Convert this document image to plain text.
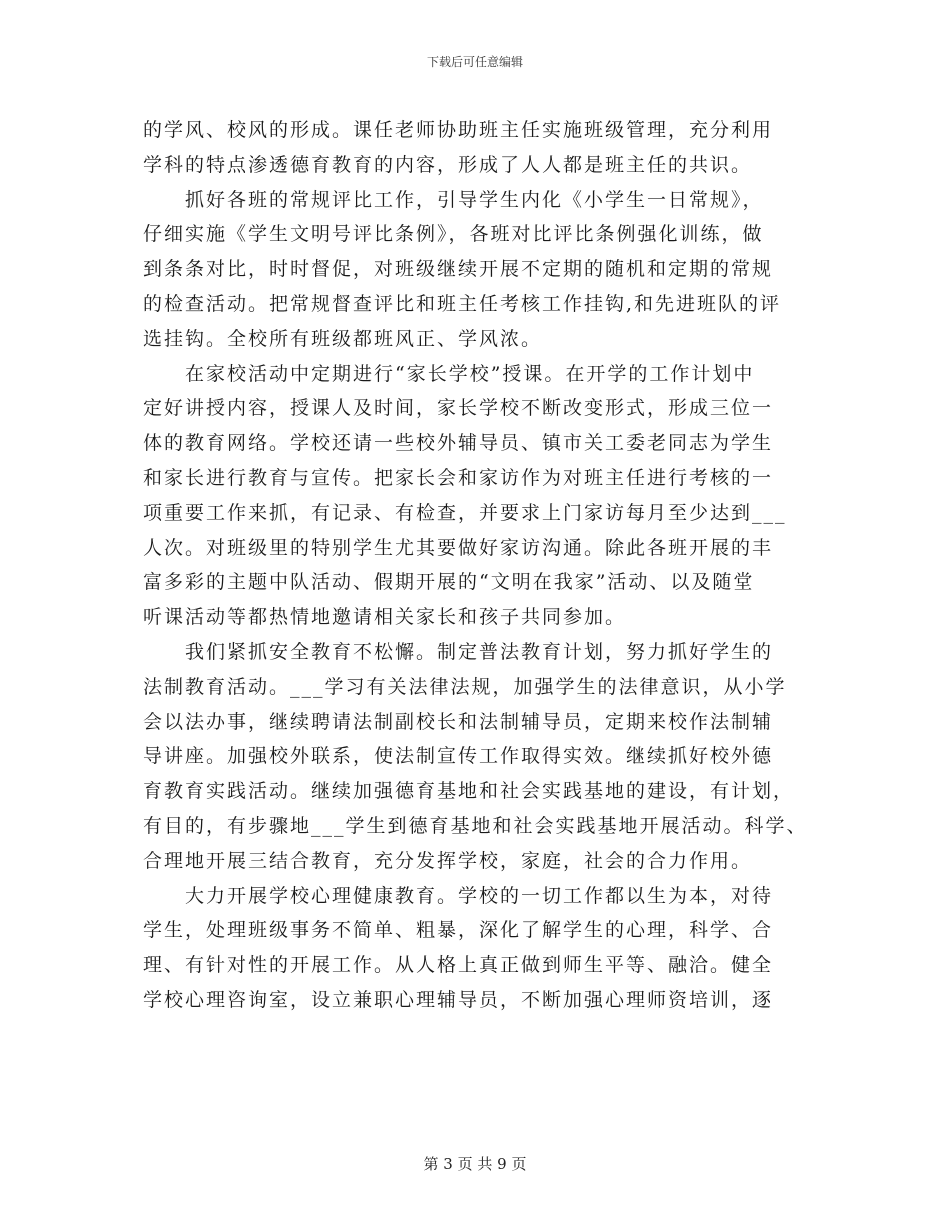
下载后可任意编辑
的学风、校风的形成。课任老师协助班主任实施班级管理，充分利用
学科的特点渗透德育教育的内容，形成了人人都是班主任的共识。
　　抓好各班的常规评比工作，引导学生内化《小学生一日常规》，
仔细实施《学生文明号评比条例》，各班对比评比条例强化训练，做
到条条对比，时时督促，对班级继续开展不定期的随机和定期的常规
的检查活动。把常规督查评比和班主任考核工作挂钩,和先进班队的评
选挂钩。全校所有班级都班风正、学风浓。
　　在家校活动中定期进行“家长学校”授课。在开学的工作计划中
定好讲授内容，授课人及时间，家长学校不断改变形式，形成三位一
体的教育网络。学校还请一些校外辅导员、镇市关工委老同志为学生
和家长进行教育与宣传。把家长会和家访作为对班主任进行考核的一
项重要工作来抓，有记录、有检查，并要求上门家访每月至少达到___
人次。对班级里的特别学生尤其要做好家访沟通。除此各班开展的丰
富多彩的主题中队活动、假期开展的“文明在我家”活动、以及随堂
听课活动等都热情地邀请相关家长和孩子共同参加。
　　我们紧抓安全教育不松懈。制定普法教育计划，努力抓好学生的
法制教育活动。___学习有关法律法规，加强学生的法律意识，从小学
会以法办事，继续聘请法制副校长和法制辅导员，定期来校作法制辅
导讲座。加强校外联系，使法制宣传工作取得实效。继续抓好校外德
育教育实践活动。继续加强德育基地和社会实践基地的建设，有计划，
有目的，有步骤地___学生到德育基地和社会实践基地开展活动。科学、
合理地开展三结合教育，充分发挥学校，家庭，社会的合力作用。
　　大力开展学校心理健康教育。学校的一切工作都以生为本，对待
学生，处理班级事务不简单、粗暴，深化了解学生的心理，科学、合
理、有针对性的开展工作。从人格上真正做到师生平等、融洽。健全
学校心理咨询室，设立兼职心理辅导员，不断加强心理师资培训，逐
第 3 页 共 9 页
